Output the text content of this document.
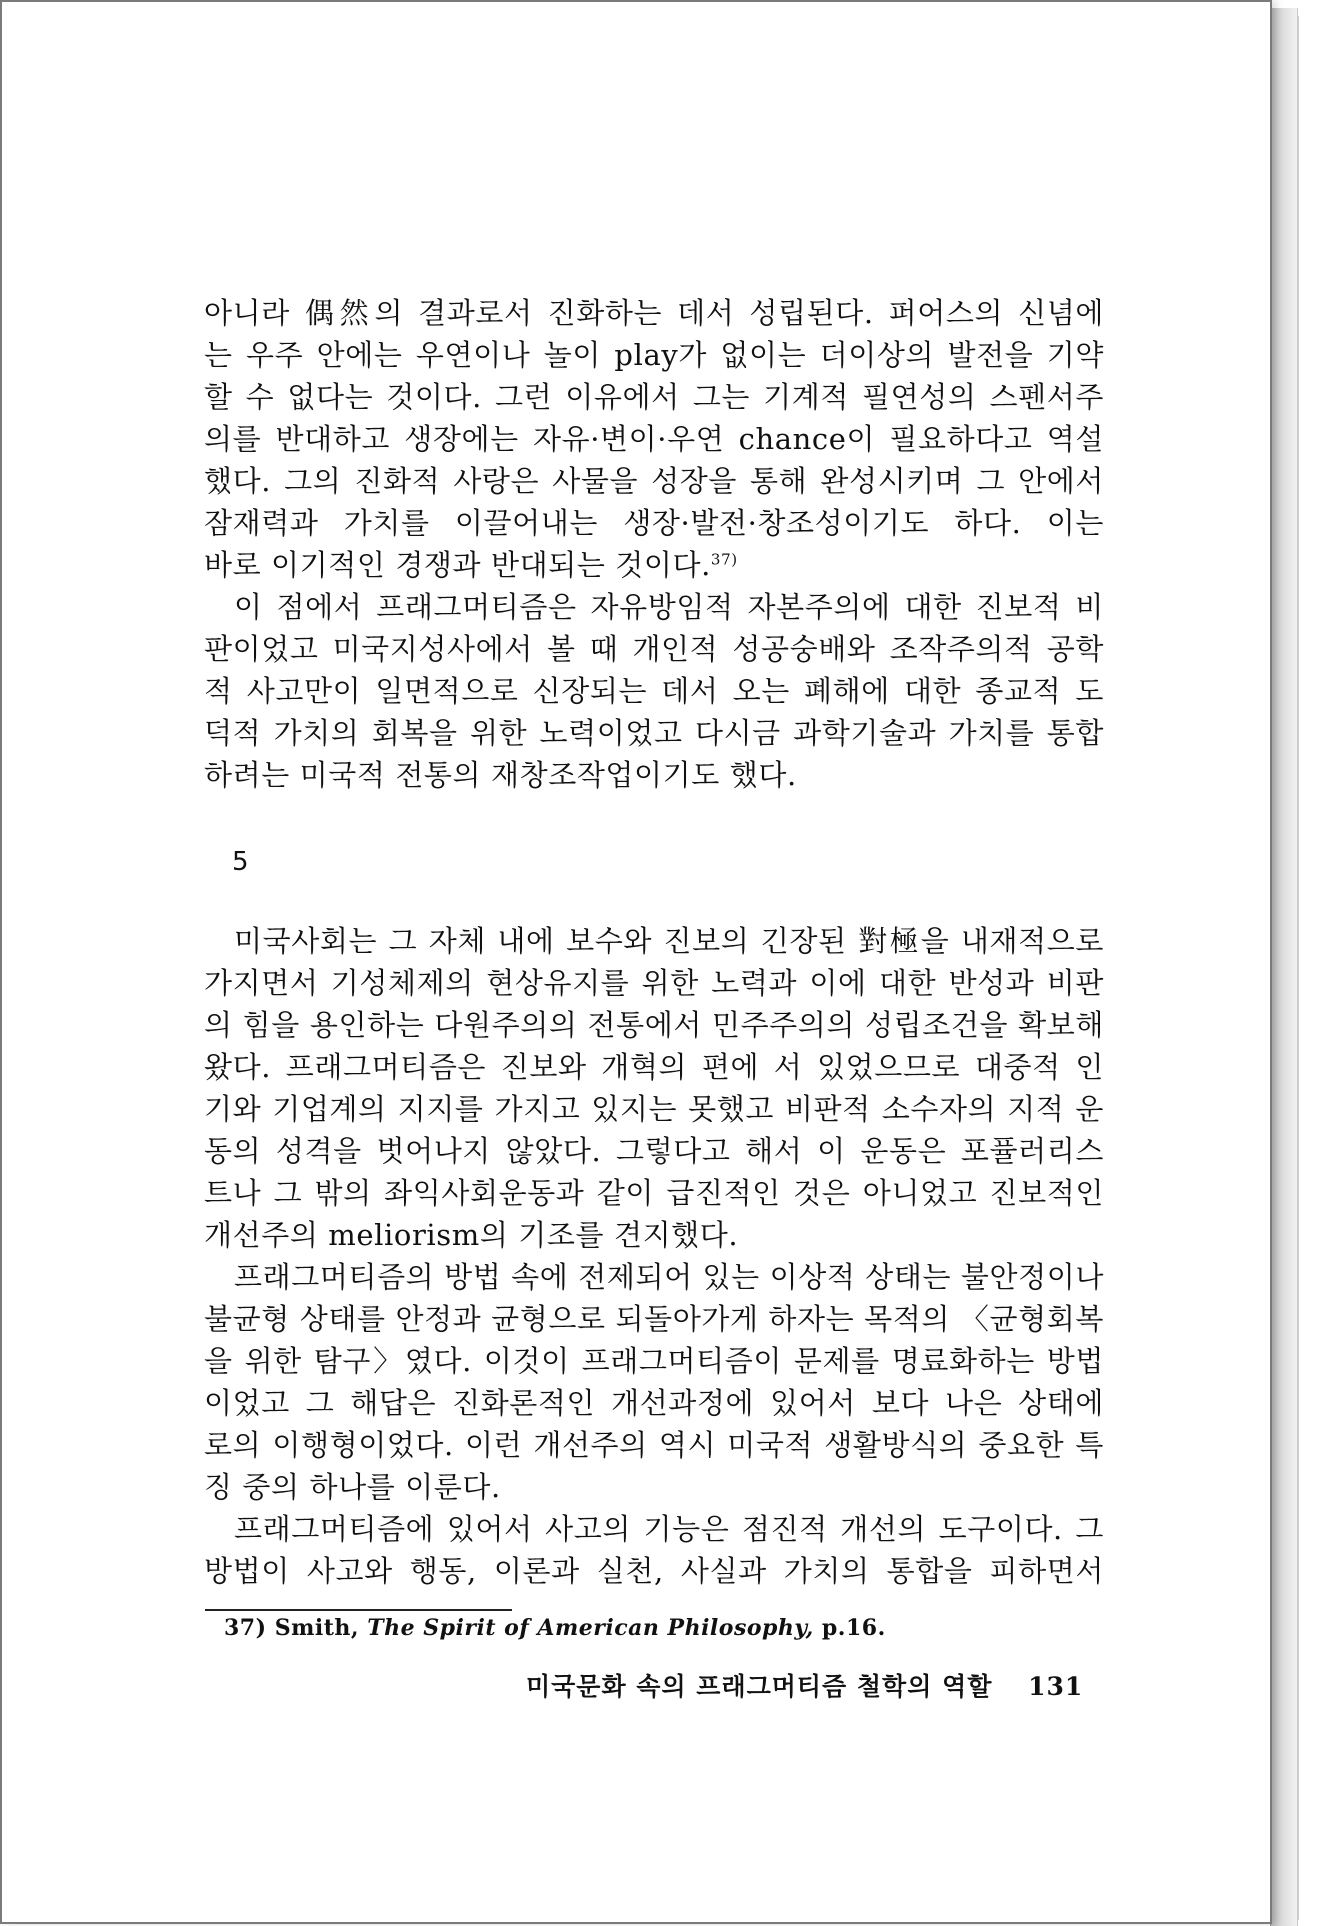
아니라 偶然의 결과로서 진화하는 데서 성립된다. 퍼어스의 신념에
는 우주 안에는 우연이나 놀이 play가 없이는 더이상의 발전을 기약
할 수 없다는 것이다. 그런 이유에서 그는 기계적 필연성의 스펜서주
의를 반대하고 생장에는 자유·변이·우연 chance이 필요하다고 역설
했다. 그의 진화적 사랑은 사물을 성장을 통해 완성시키며 그 안에서
잠재력과 가치를 이끌어내는 생장·발전·창조성이기도 하다. 이는
바로 이기적인 경쟁과 반대되는 것이다.$^{37)}$
이 점에서 프래그머티즘은 자유방임적 자본주의에 대한 진보적 비
판이었고 미국지성사에서 볼 때 개인적 성공숭배와 조작주의적 공학
적 사고만이 일면적으로 신장되는 데서 오는 폐해에 대한 종교적 도
덕적 가치의 회복을 위한 노력이었고 다시금 과학기술과 가치를 통합
하려는 미국적 전통의 재창조작업이기도 했다.
5
미국사회는 그 자체 내에 보수와 진보의 긴장된 對極을 내재적으로
가지면서 기성체제의 현상유지를 위한 노력과 이에 대한 반성과 비판
의 힘을 용인하는 다원주의의 전통에서 민주주의의 성립조건을 확보해
왔다. 프래그머티즘은 진보와 개혁의 편에 서 있었으므로 대중적 인
기와 기업계의 지지를 가지고 있지는 못했고 비판적 소수자의 지적 운
동의 성격을 벗어나지 않았다. 그렇다고 해서 이 운동은 포퓰러리스
트나 그 밖의 좌익사회운동과 같이 급진적인 것은 아니었고 진보적인
개선주의 meliorism의 기조를 견지했다.
프래그머티즘의 방법 속에 전제되어 있는 이상적 상태는 불안정이나
불균형 상태를 안정과 균형으로 되돌아가게 하자는 목적의 〈균형회복
을 위한 탐구〉였다. 이것이 프래그머티즘이 문제를 명료화하는 방법
이었고 그 해답은 진화론적인 개선과정에 있어서 보다 나은 상태에
로의 이행형이었다. 이런 개선주의 역시 미국적 생활방식의 중요한 특
징 중의 하나를 이룬다.
프래그머티즘에 있어서 사고의 기능은 점진적 개선의 도구이다. 그
방법이 사고와 행동, 이론과 실천, 사실과 가치의 통합을 피하면서
37) Smith, The Spirit of American Philosophy, p.16.
미국문화 속의 프래그머티즘 철학의 역할 131
